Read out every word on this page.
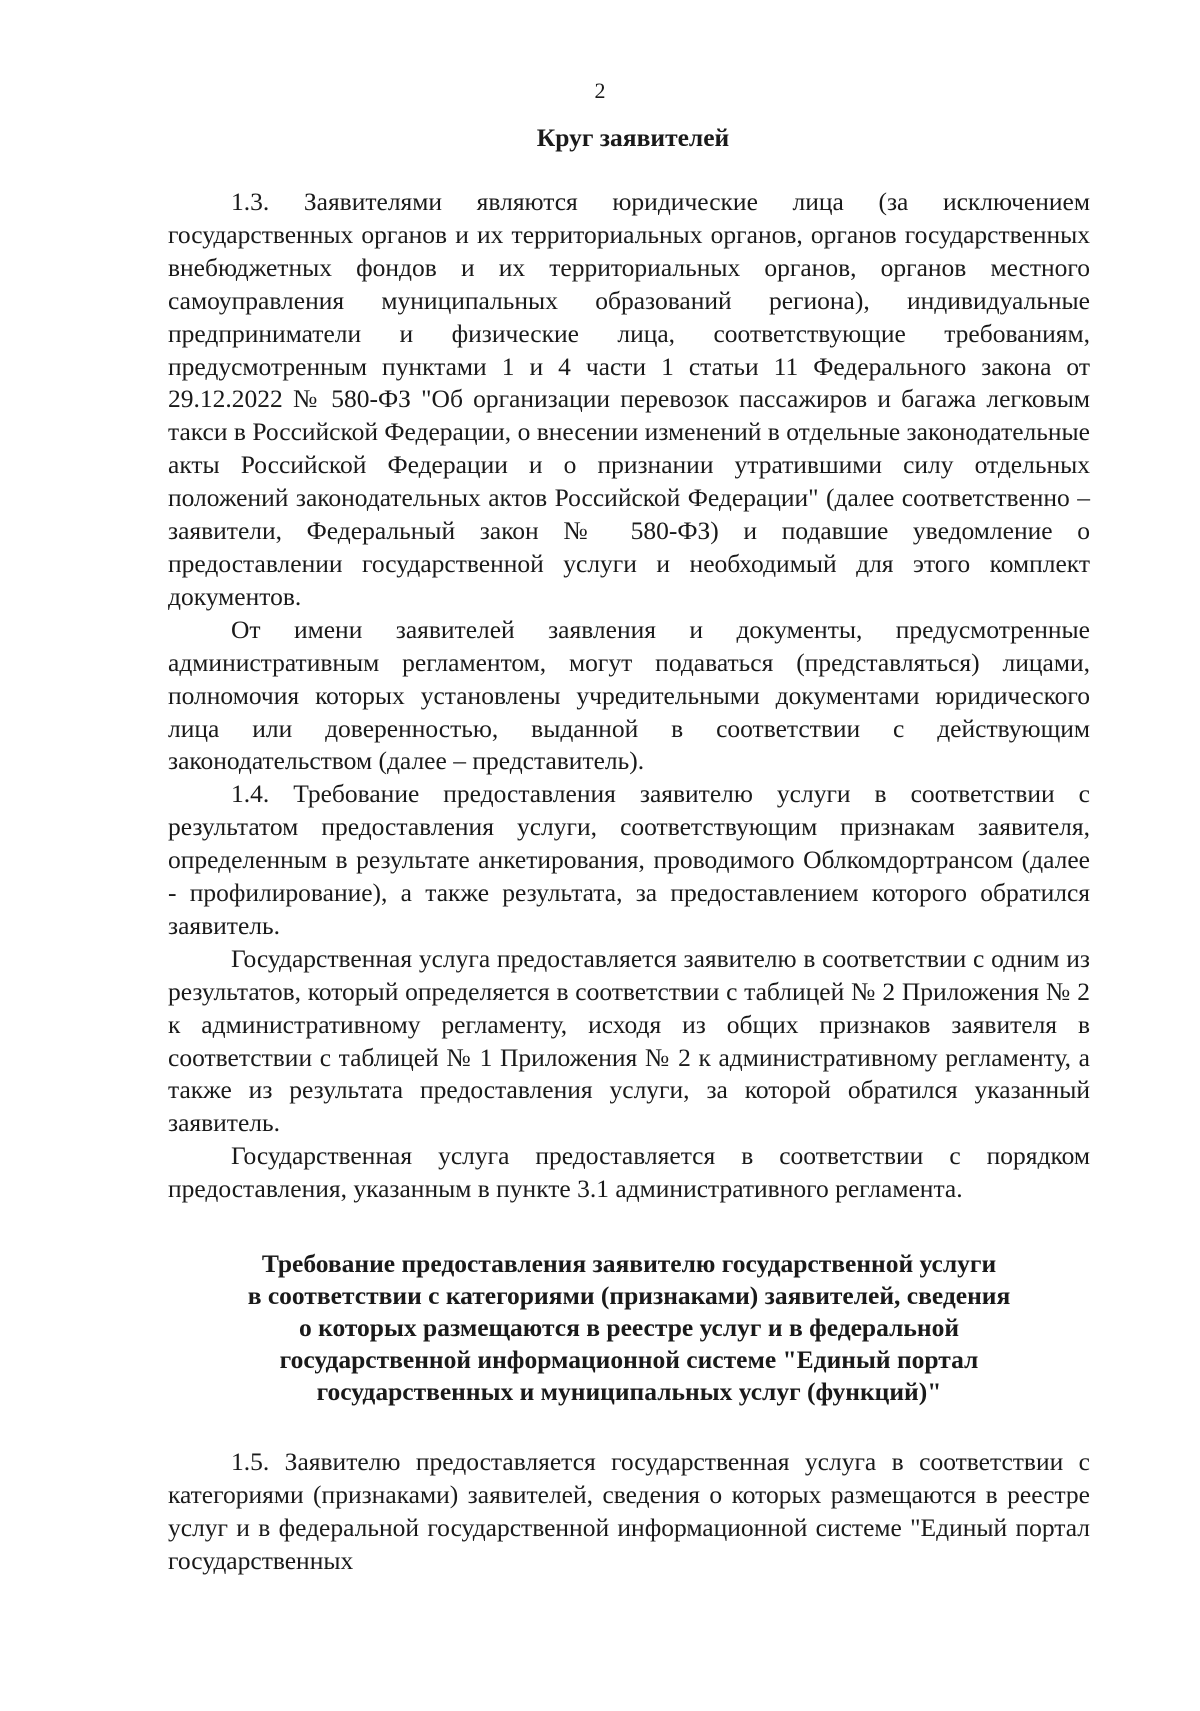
2
Круг заявителей

1.3. Заявителями являются юридические лица (за исключением государственных органов и их территориальных органов, органов государственных внебюджетных фондов и их территориальных органов, органов местного самоуправления муниципальных образований региона), индивидуальные предприниматели и физические лица, соответствующие требованиям, предусмотренным пунктами 1 и 4 части 1 статьи 11 Федерального закона от 29.12.2022 № 580-ФЗ "Об организации перевозок пассажиров и багажа легковым такси в Российской Федерации, о внесении изменений в отдельные законодательные акты Российской Федерации и о признании утратившими силу отдельных положений законодательных актов Российской Федерации" (далее соответственно – заявители, Федеральный закон № 580-ФЗ) и подавшие уведомление о предоставлении государственной услуги и необходимый для этого комплект документов.

От имени заявителей заявления и документы, предусмотренные административным регламентом, могут подаваться (представляться) лицами, полномочия которых установлены учредительными документами юридического лица или доверенностью, выданной в соответствии с действующим законодательством (далее – представитель).

1.4. Требование предоставления заявителю услуги в соответствии с результатом предоставления услуги, соответствующим признакам заявителя, определенным в результате анкетирования, проводимого Облкомдортрансом (далее - профилирование), а также результата, за предоставлением которого обратился заявитель.

Государственная услуга предоставляется заявителю в соответствии с одним из результатов, который определяется в соответствии с таблицей № 2 Приложения № 2 к административному регламенту, исходя из общих признаков заявителя в соответствии с таблицей № 1 Приложения № 2 к административному регламенту, а также из результата предоставления услуги, за которой обратился указанный заявитель.

Государственная услуга предоставляется в соответствии с порядком предоставления, указанным в пункте 3.1 административного регламента.

Требование предоставления заявителю государственной услуги
в соответствии с категориями (признаками) заявителей, сведения
о которых размещаются в реестре услуг и в федеральной
государственной информационной системе "Единый портал
государственных и муниципальных услуг (функций)"

1.5. Заявителю предоставляется государственная услуга в соответствии с категориями (признаками) заявителей, сведения о которых размещаются в реестре услуг и в федеральной государственной информационной системе "Единый портал государственных
